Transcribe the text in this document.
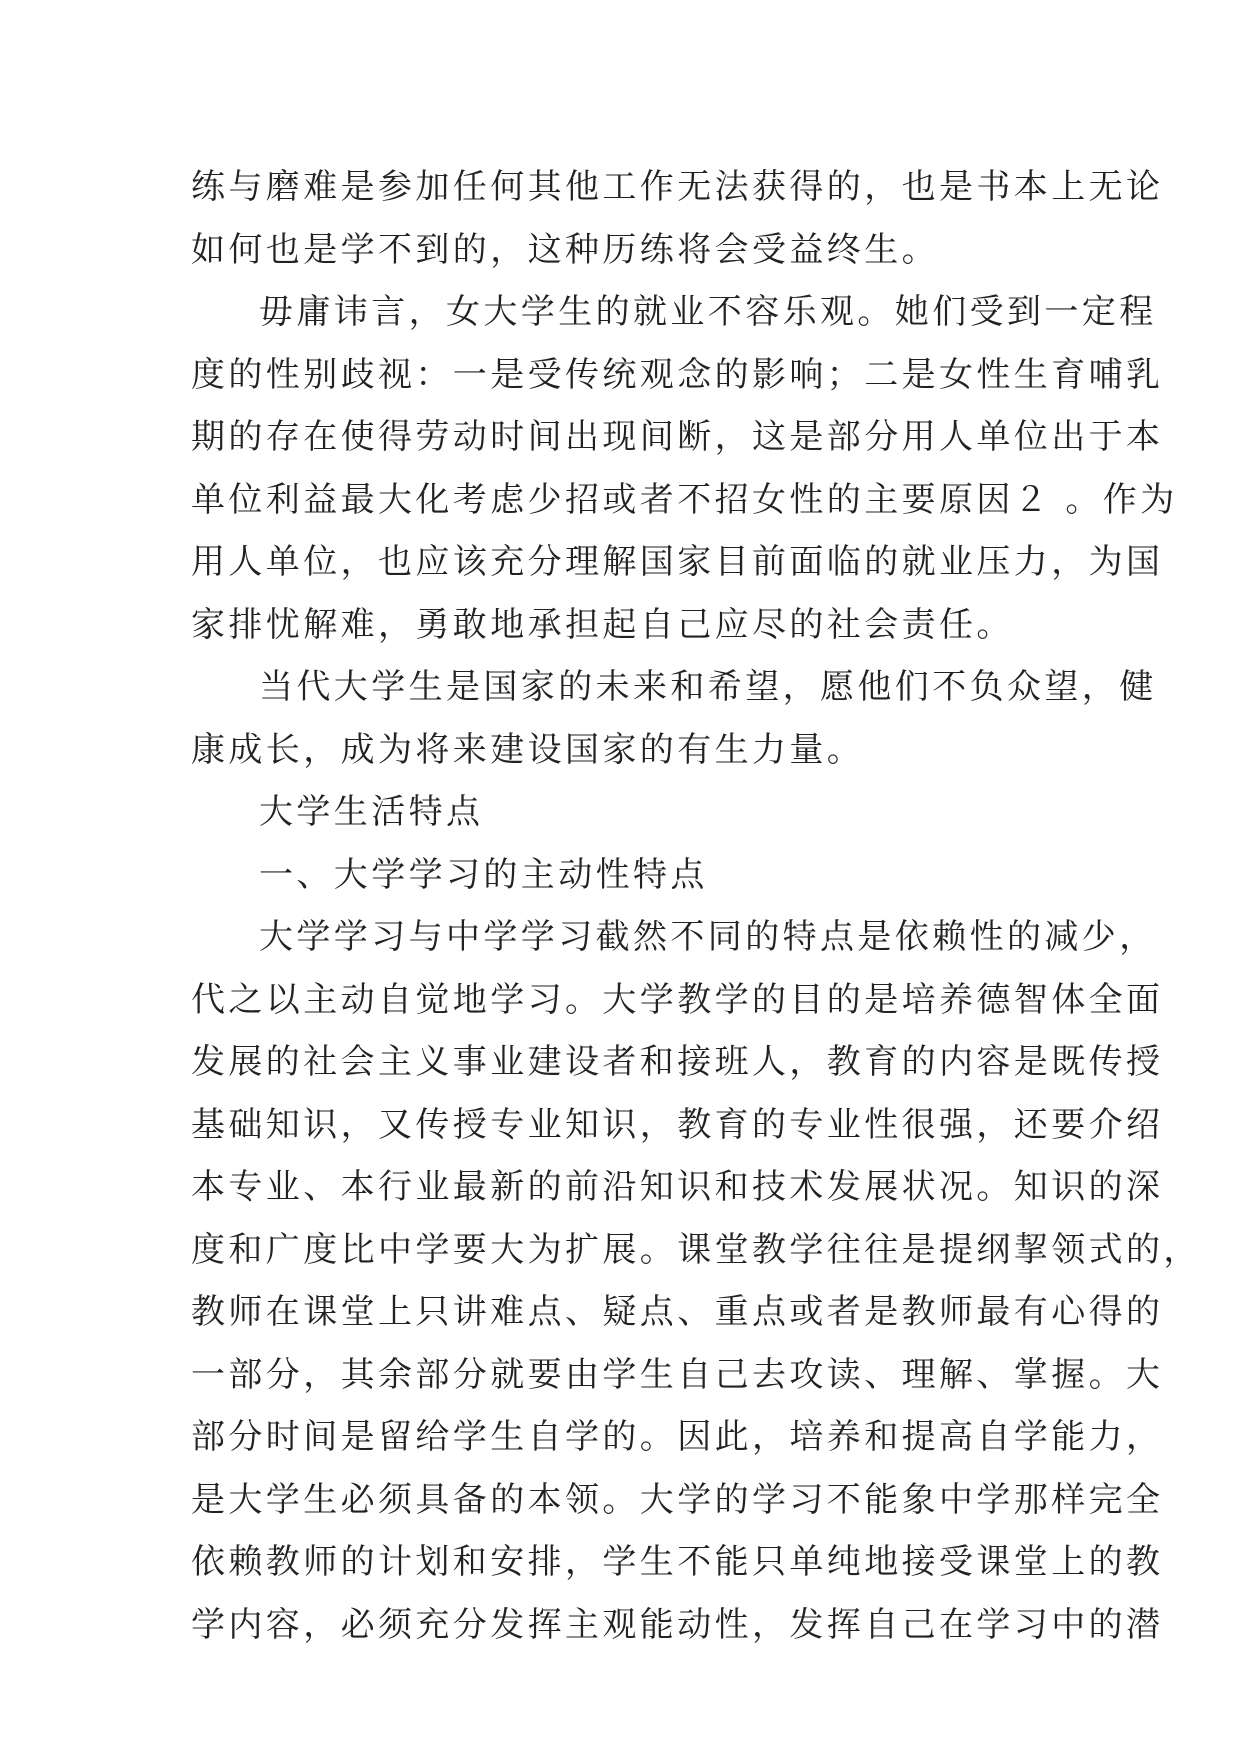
练与磨难是参加任何其他工作无法获得的，也是书本上无论
如何也是学不到的，这种历练将会受益终生。
毋庸讳言，女大学生的就业不容乐观。她们受到一定程
度的性别歧视：一是受传统观念的影响；二是女性生育哺乳
期的存在使得劳动时间出现间断，这是部分用人单位出于本
单位利益最大化考虑少招或者不招女性的主要原因２ 。作为
用人单位，也应该充分理解国家目前面临的就业压力，为国
家排忧解难，勇敢地承担起自己应尽的社会责任。
当代大学生是国家的未来和希望，愿他们不负众望，健
康成长，成为将来建设国家的有生力量。
大学生活特点
一、大学学习的主动性特点
大学学习与中学学习截然不同的特点是依赖性的减少，
代之以主动自觉地学习。大学教学的目的是培养德智体全面
发展的社会主义事业建设者和接班人，教育的内容是既传授
基础知识，又传授专业知识，教育的专业性很强，还要介绍
本专业、本行业最新的前沿知识和技术发展状况。知识的深
度和广度比中学要大为扩展。课堂教学往往是提纲挈领式的，
教师在课堂上只讲难点、疑点、重点或者是教师最有心得的
一部分，其余部分就要由学生自己去攻读、理解、掌握。大
部分时间是留给学生自学的。因此，培养和提高自学能力，
是大学生必须具备的本领。大学的学习不能象中学那样完全
依赖教师的计划和安排，学生不能只单纯地接受课堂上的教
学内容，必须充分发挥主观能动性，发挥自己在学习中的潜
